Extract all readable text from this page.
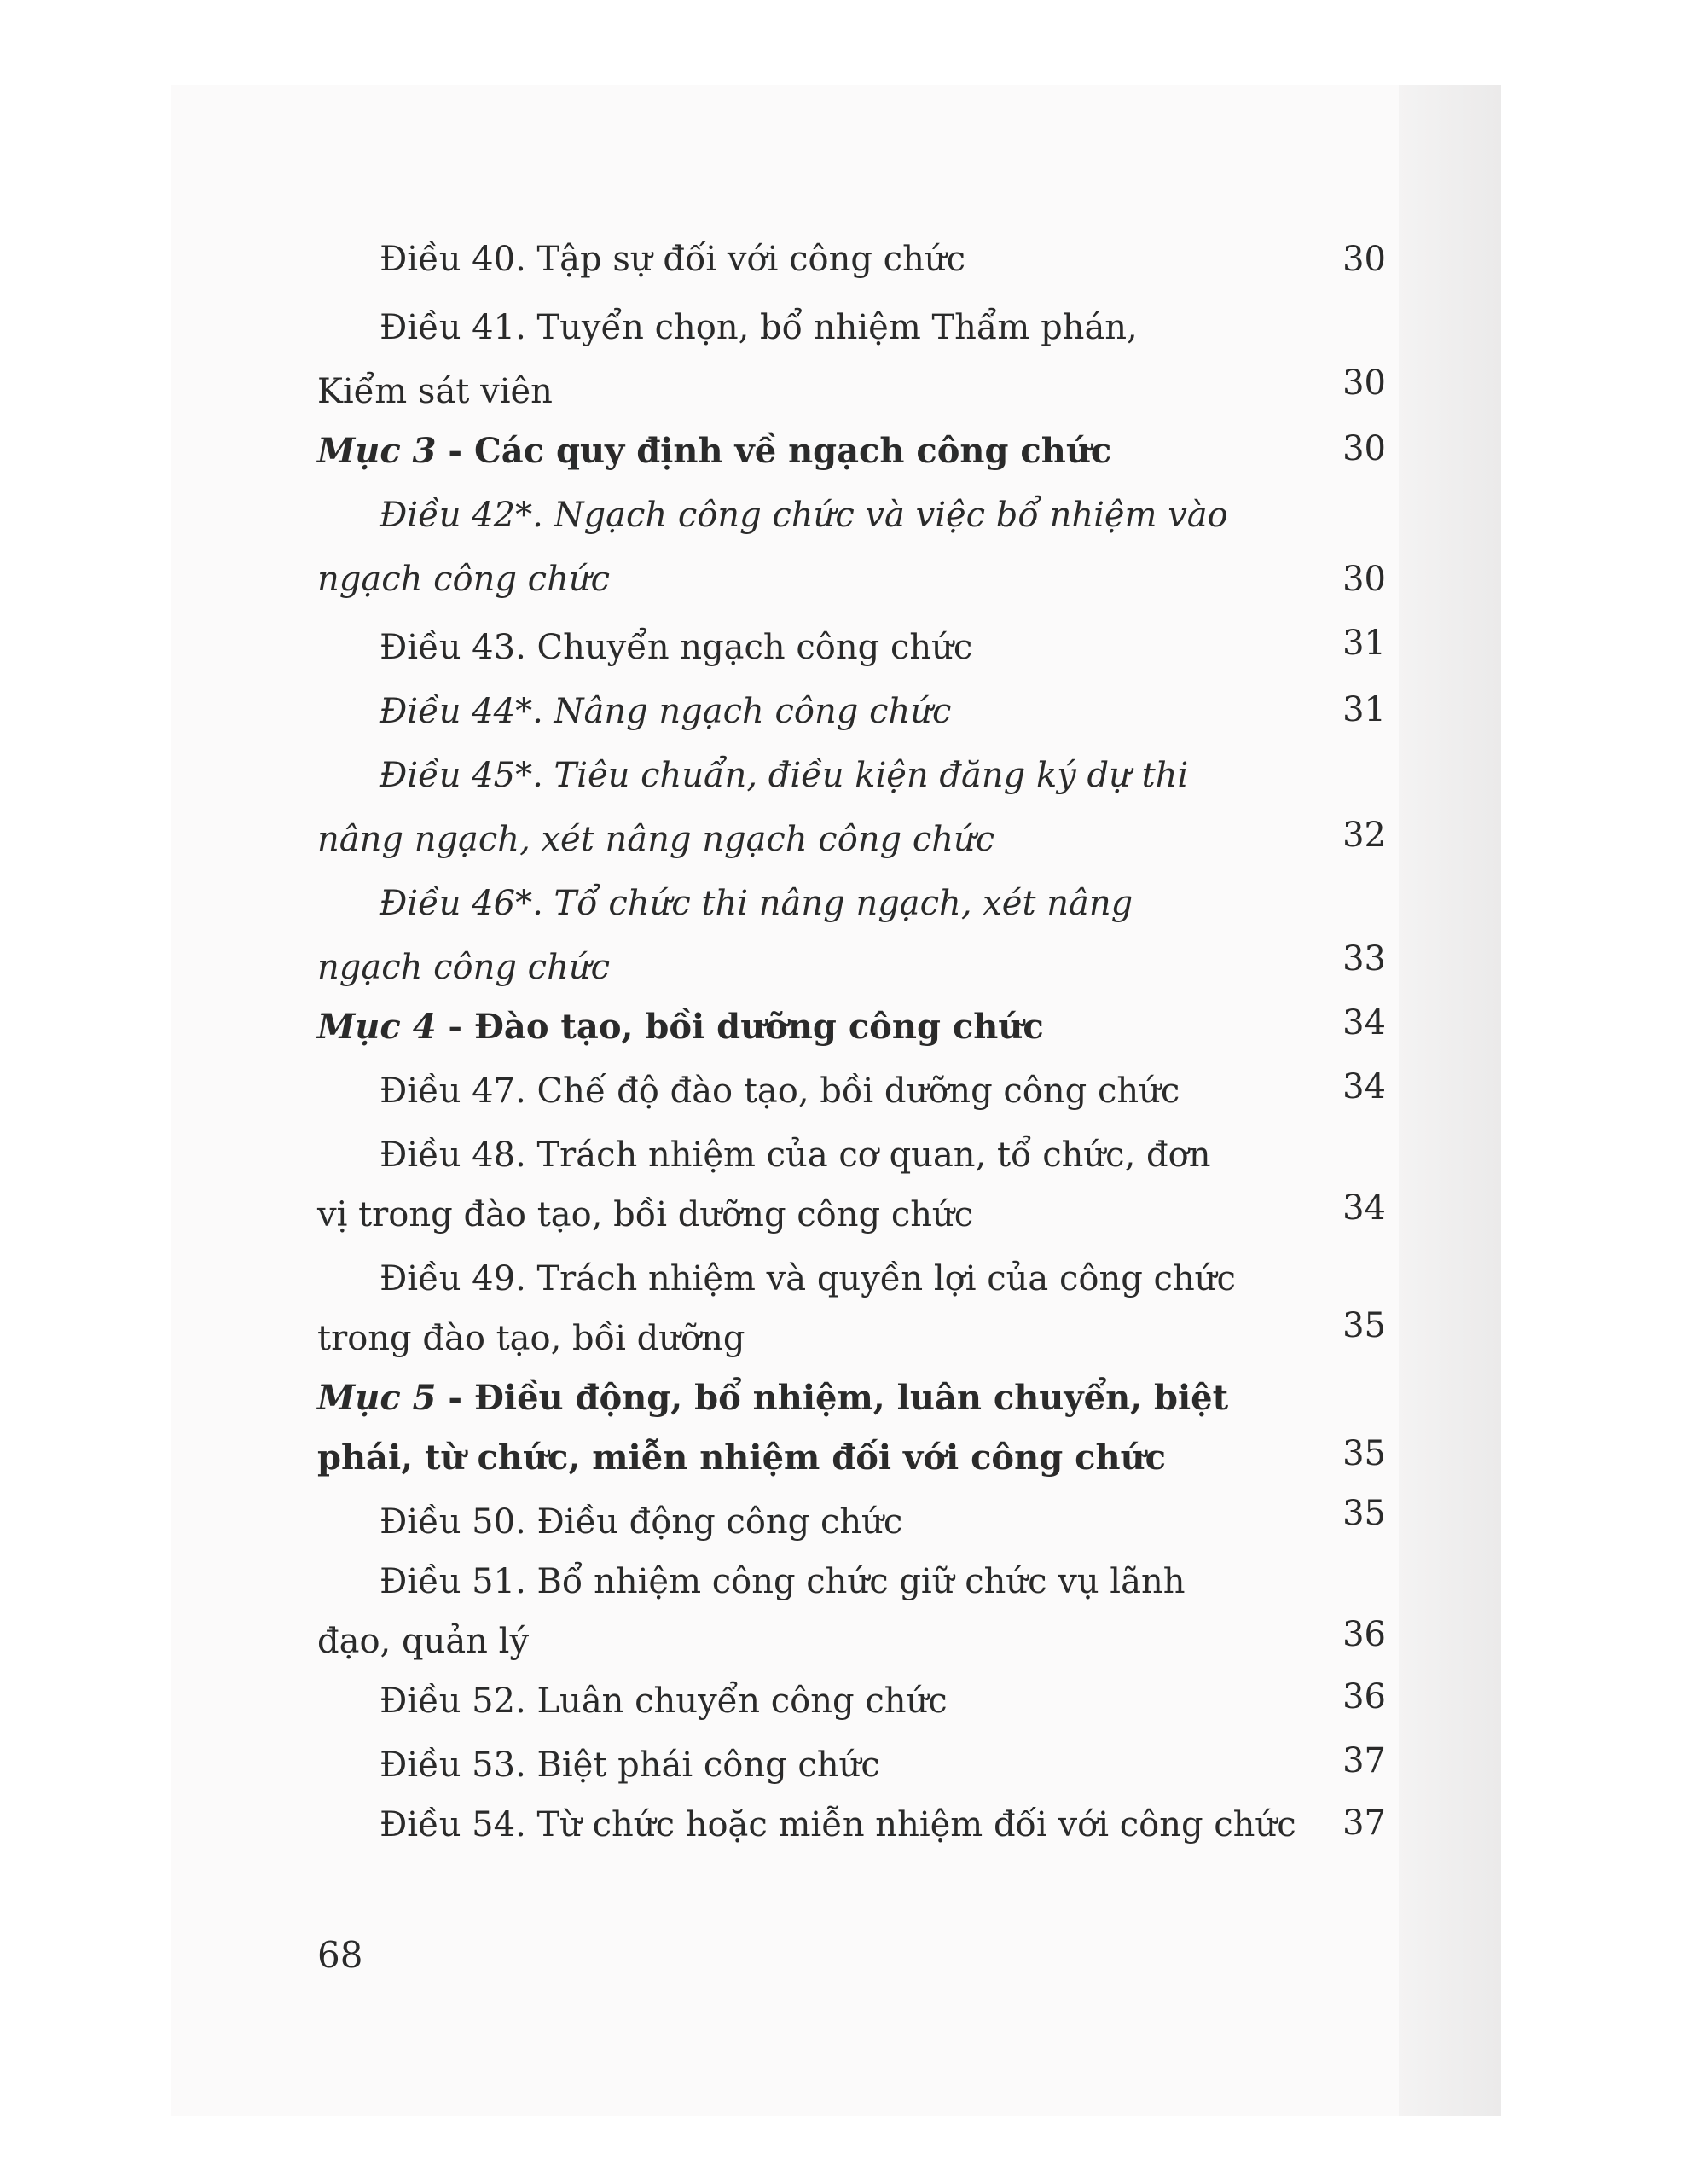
Điều 40. Tập sự đối với công chức	30
Điều 41. Tuyển chọn, bổ nhiệm Thẩm phán,
Kiểm sát viên	30
Mục 3 - Các quy định về ngạch công chức	30
Điều 42*. Ngạch công chức và việc bổ nhiệm vào
ngạch công chức	30
Điều 43. Chuyển ngạch công chức	31
Điều 44*. Nâng ngạch công chức	31
Điều 45*. Tiêu chuẩn, điều kiện đăng ký dự thi
nâng ngạch, xét nâng ngạch công chức	32
Điều 46*. Tổ chức thi nâng ngạch, xét nâng
ngạch công chức	33
Mục 4 - Đào tạo, bồi dưỡng công chức	34
Điều 47. Chế độ đào tạo, bồi dưỡng công chức	34
Điều 48. Trách nhiệm của cơ quan, tổ chức, đơn
vị trong đào tạo, bồi dưỡng công chức	34
Điều 49. Trách nhiệm và quyền lợi của công chức
trong đào tạo, bồi dưỡng	35
Mục 5 - Điều động, bổ nhiệm, luân chuyển, biệt
phái, từ chức, miễn nhiệm đối với công chức	35
Điều 50. Điều động công chức	35
Điều 51. Bổ nhiệm công chức giữ chức vụ lãnh
đạo, quản lý	36
Điều 52. Luân chuyển công chức	36
Điều 53. Biệt phái công chức	37
Điều 54. Từ chức hoặc miễn nhiệm đối với công chức	37
68
